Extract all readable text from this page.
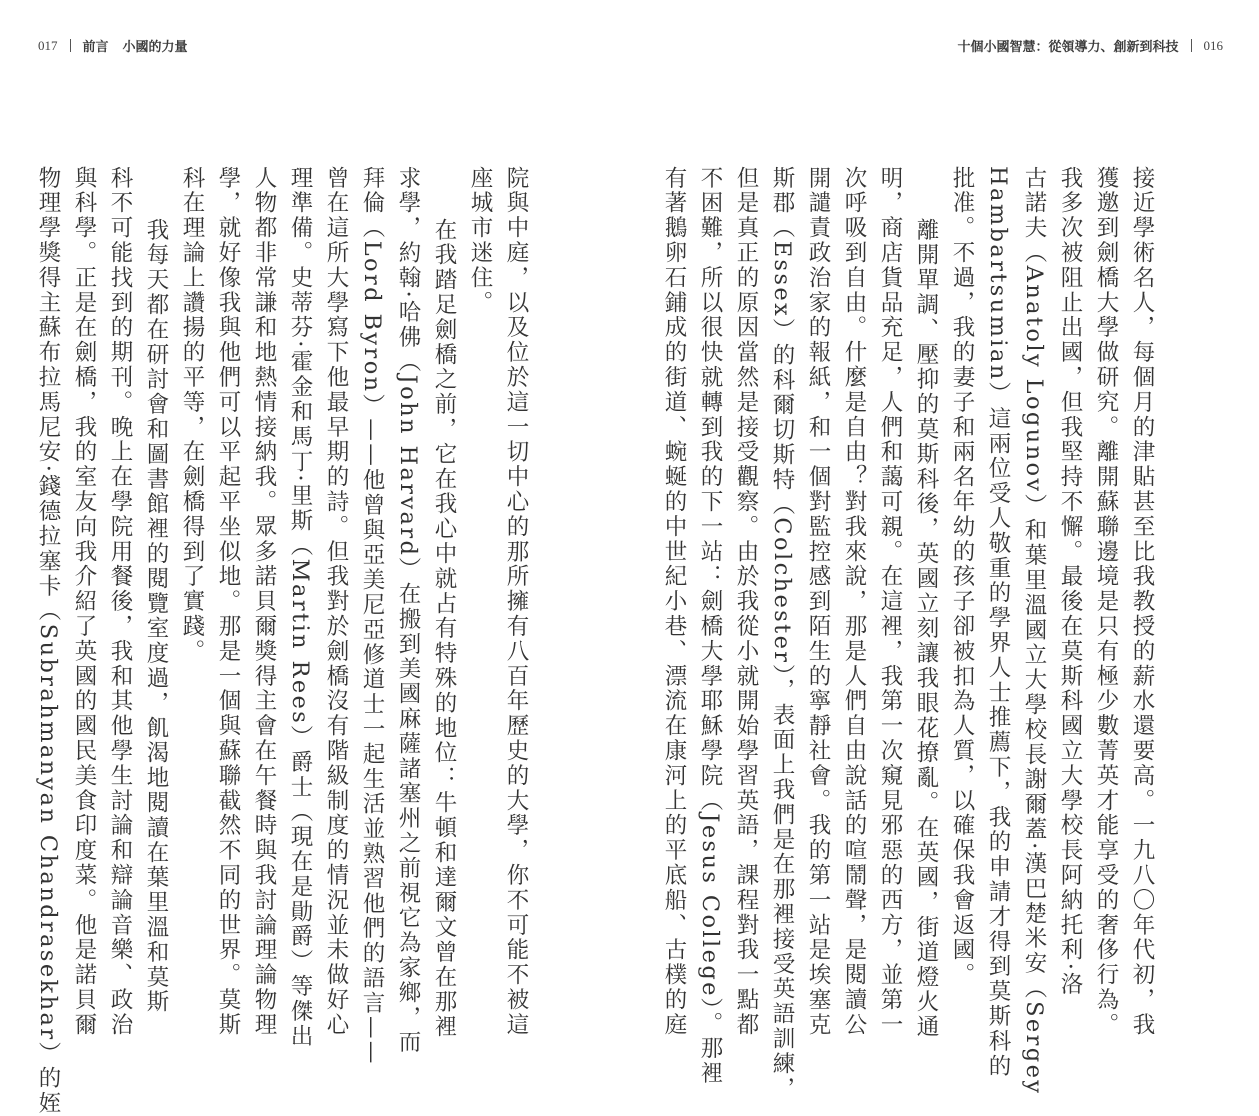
017 前言 小國的力量	十個小國智慧：從領導力、創新到科技 016
接近學術名人，每個月的津貼甚至比我教授的薪水還要高。一九八〇年代初，我
獲邀到劍橋大學做研究。離開蘇聯邊境是只有極少數菁英才能享受的奢侈行為。
我多次被阻止出國，但我堅持不懈。最後在莫斯科國立大學校長阿納托利·洛
古諾夫（Anatoly Logunov）和葉里溫國立大學校長謝爾蓋·漢巴楚米安（Sergey
Hambartsumian）這兩位受人敬重的學界人士推薦下，我的申請才得到莫斯科的
批准。不過，我的妻子和兩名年幼的孩子卻被扣為人質，以確保我會返國。
離開單調、壓抑的莫斯科後，英國立刻讓我眼花撩亂。在英國，街道燈火通
明，商店貨品充足，人們和藹可親。在這裡，我第一次窺見邪惡的西方，並第一
次呼吸到自由。什麼是自由？對我來說，那是人們自由說話的喧鬧聲，是閱讀公
開譴責政治家的報紙，和一個對監控感到陌生的寧靜社會。我的第一站是埃塞克
斯郡（Essex）的科爾切斯特（Colchester），表面上我們是在那裡接受英語訓練，
但是真正的原因當然是接受觀察。由於我從小就開始學習英語，課程對我一點都
不困難，所以很快就轉到我的下一站：劍橋大學耶穌學院（Jesus College）。那裡
有著鵝卵石鋪成的街道、蜿蜒的中世紀小巷、漂流在康河上的平底船、古樸的庭
院與中庭，以及位於這一切中心的那所擁有八百年歷史的大學，你不可能不被這
座城市迷住。
在我踏足劍橋之前，它在我心中就占有特殊的地位：牛頓和達爾文曾在那裡
求學，約翰·哈佛（John Harvard）在搬到美國麻薩諸塞州之前視它為家鄉，而
拜倫（Lord Byron）——他曾與亞美尼亞修道士一起生活並熟習他們的語言——
曾在這所大學寫下他最早期的詩。但我對於劍橋沒有階級制度的情況並未做好心
理準備。史蒂芬·霍金和馬丁·里斯（Martin Rees）爵士（現在是勛爵）等傑出
人物都非常謙和地熱情接納我。眾多諾貝爾獎得主會在午餐時與我討論理論物理
學，就好像我與他們可以平起平坐似地。那是一個與蘇聯截然不同的世界。莫斯
科在理論上讚揚的平等，在劍橋得到了實踐。
我每天都在研討會和圖書館裡的閱覽室度過，飢渴地閱讀在葉里溫和莫斯
科不可能找到的期刊。晚上在學院用餐後，我和其他學生討論和辯論音樂、政治
與科學。正是在劍橋，我的室友向我介紹了英國的國民美食印度菜。他是諾貝爾
物理學獎得主蘇布拉馬尼安·錢德拉塞卡（Subrahmanyan Chandrasekhar）的姪
